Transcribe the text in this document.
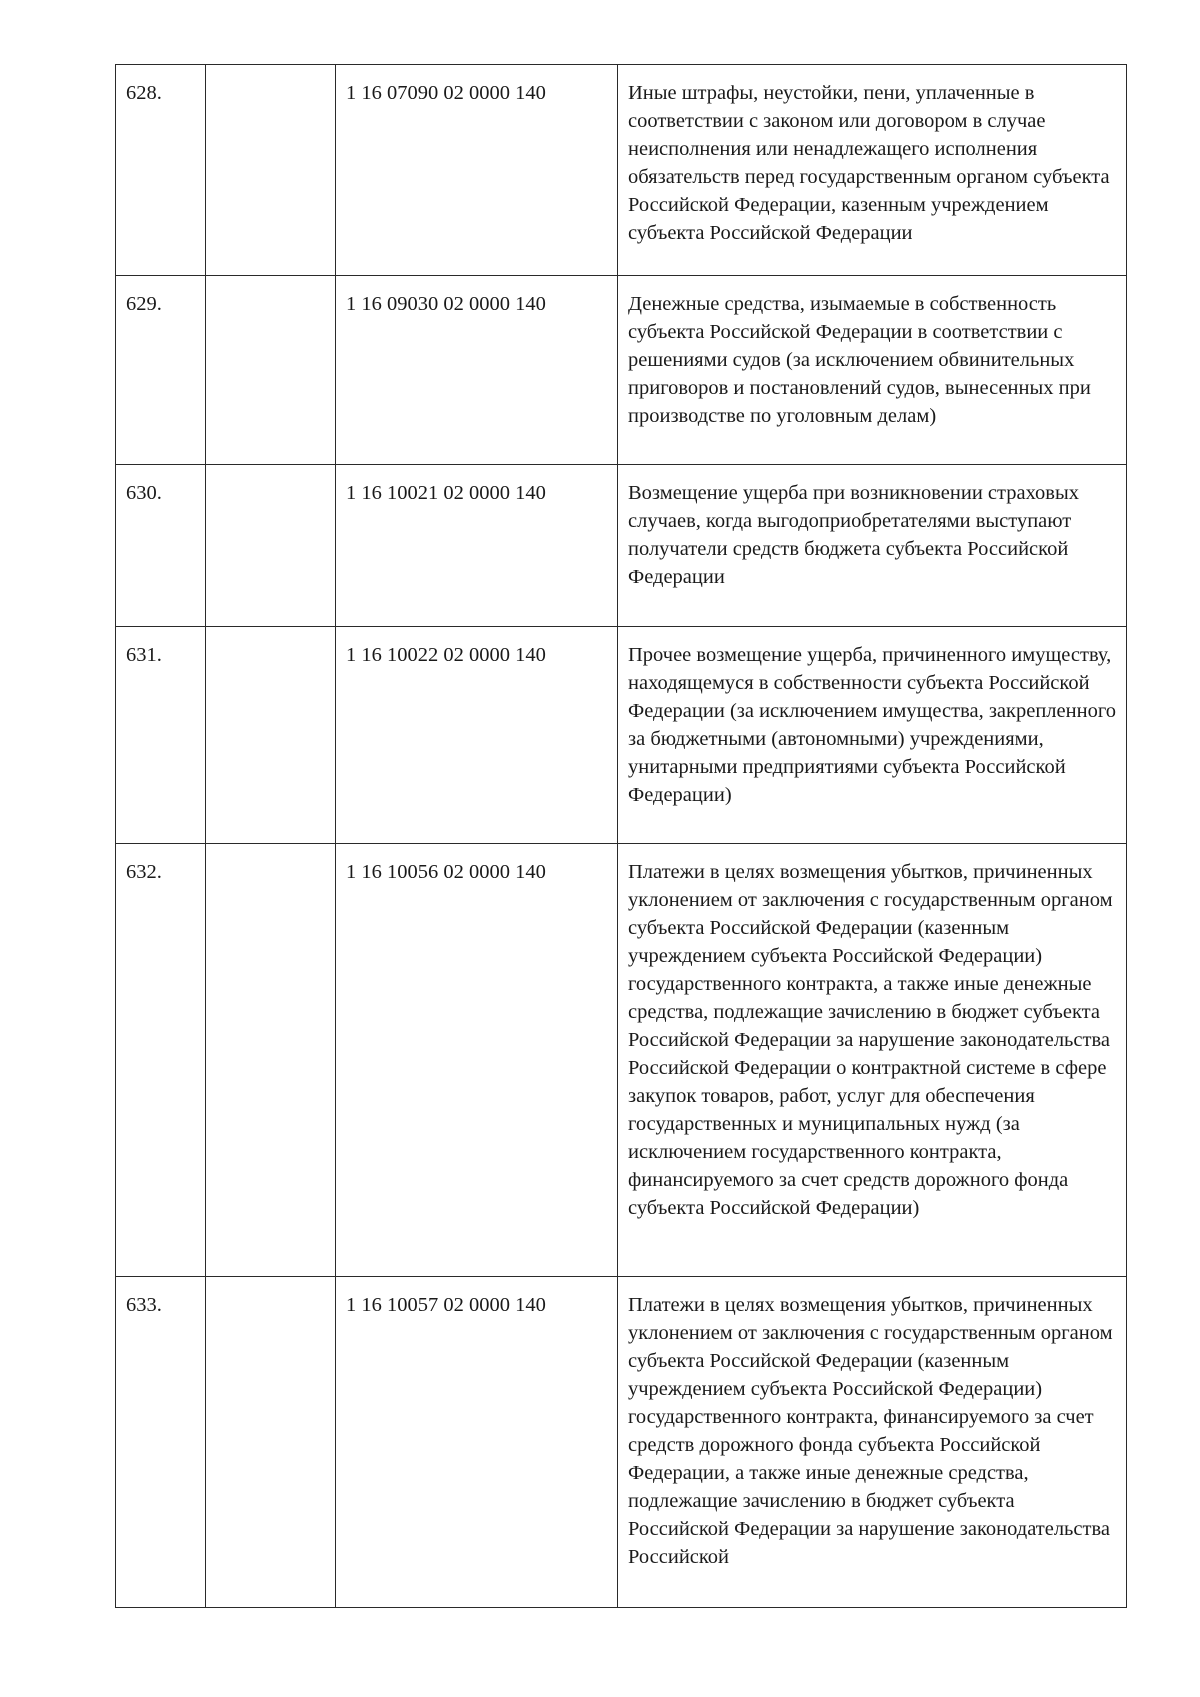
628.		1 16 07090 02 0000 140	Иные штрафы, неустойки, пени, уплаченные в соответствии с законом или договором в случае неисполнения или ненадлежащего исполнения обязательств перед государственным органом субъекта Российской Федерации, казенным учреждением субъекта Российской Федерации
629.		1 16 09030 02 0000 140	Денежные средства, изымаемые в собственность субъекта Российской Федерации в соответствии с решениями судов (за исключением обвинительных приговоров и постановлений судов, вынесенных при производстве по уголовным делам)
630.		1 16 10021 02 0000 140	Возмещение ущерба при возникновении страховых случаев, когда выгодоприобретателями выступают получатели средств бюджета субъекта Российской Федерации
631.		1 16 10022 02 0000 140	Прочее возмещение ущерба, причиненного имуществу, находящемуся в собственности субъекта Российской Федерации (за исключением имущества, закрепленного за бюджетными (автономными) учреждениями, унитарными предприятиями субъекта Российской Федерации)
632.		1 16 10056 02 0000 140	Платежи в целях возмещения убытков, причиненных уклонением от заключения с государственным органом субъекта Российской Федерации (казенным учреждением субъекта Российской Федерации) государственного контракта, а также иные денежные средства, подлежащие зачислению в бюджет субъекта Российской Федерации за нарушение законодательства Российской Федерации о контрактной системе в сфере закупок товаров, работ, услуг для обеспечения государственных и муниципальных нужд (за исключением государственного контракта, финансируемого за счет средств дорожного фонда субъекта Российской Федерации)
633.		1 16 10057 02 0000 140	Платежи в целях возмещения убытков, причиненных уклонением от заключения с государственным органом субъекта Российской Федерации (казенным учреждением субъекта Российской Федерации) государственного контракта, финансируемого за счет средств дорожного фонда субъекта Российской Федерации, а также иные денежные средства, подлежащие зачислению в бюджет субъекта Российской Федерации за нарушение законодательства Российской
